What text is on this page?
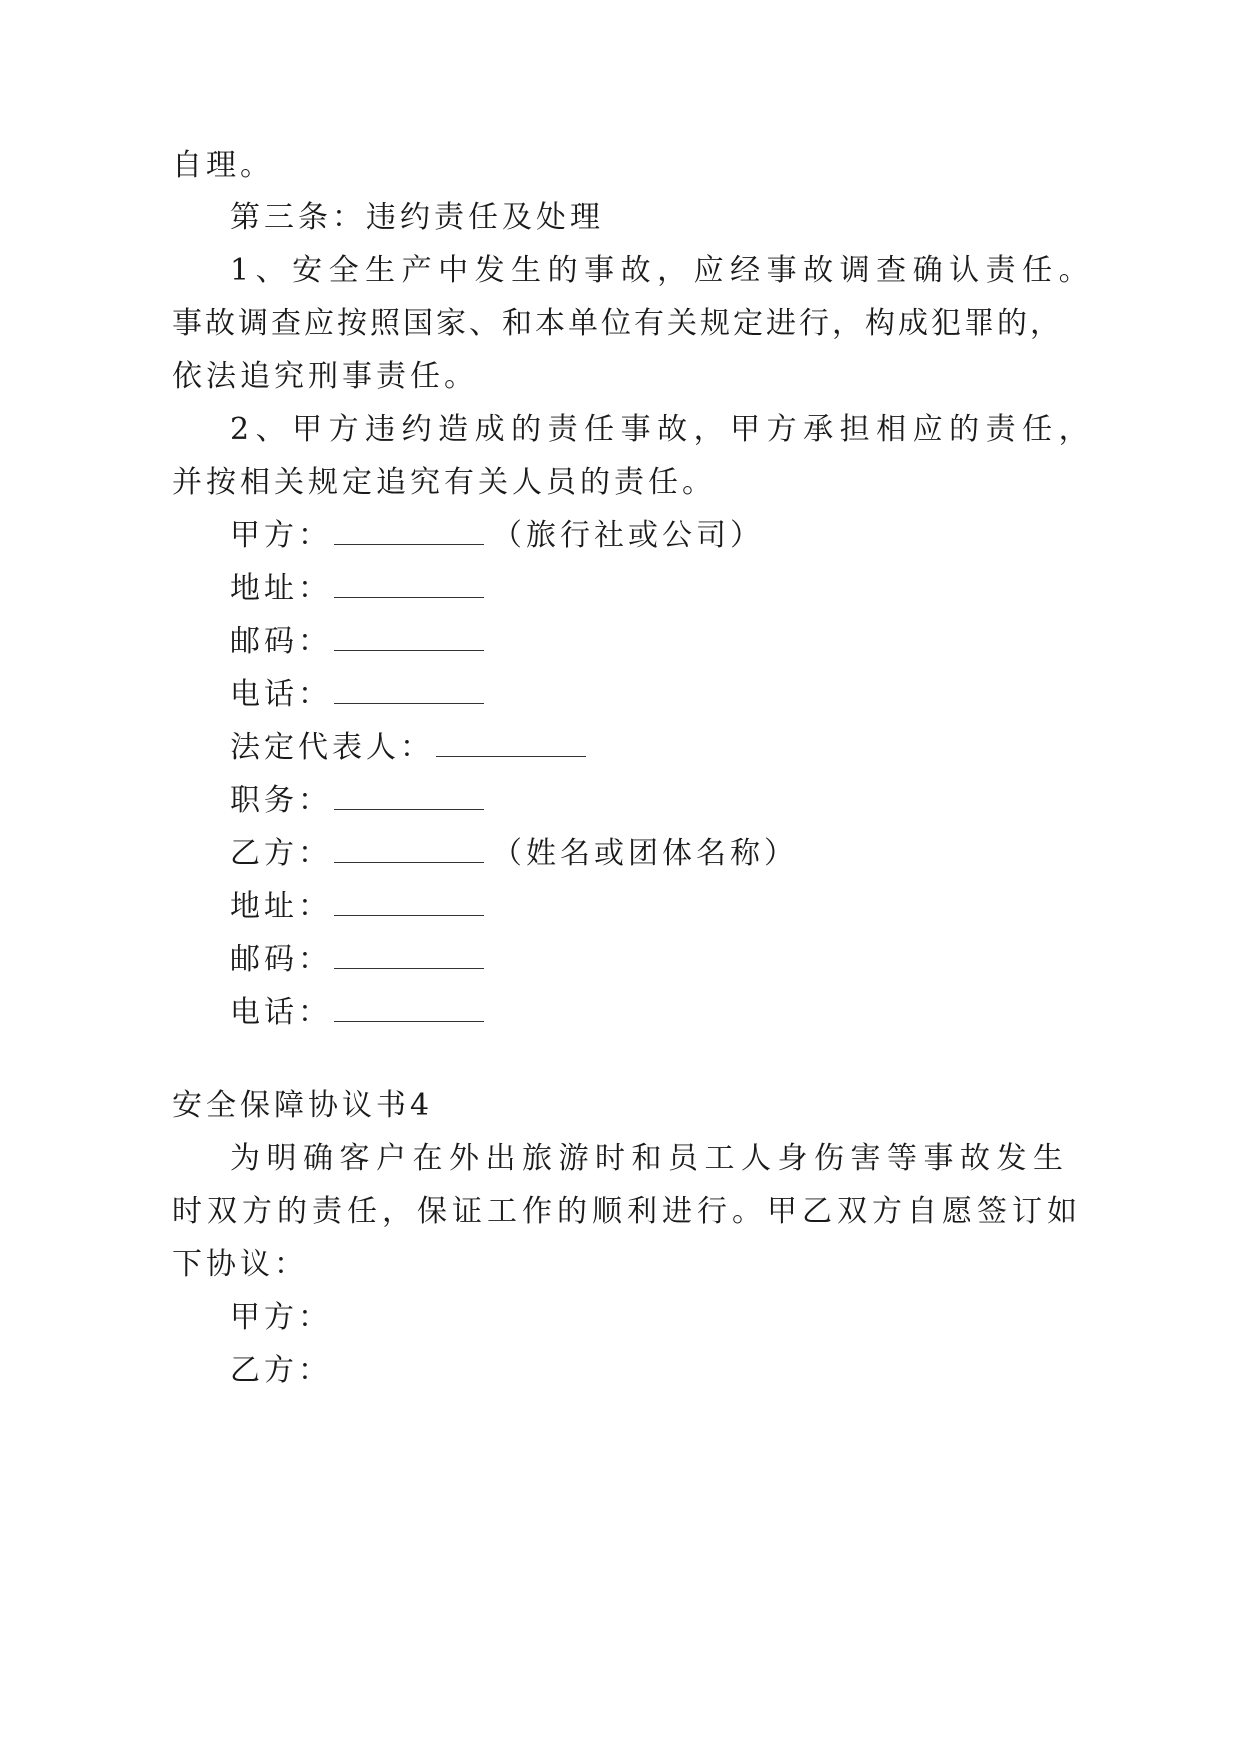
自理。
第三条：违约责任及处理
1、安全生产中发生的事故，应经事故调查确认责任。
事故调查应按照国家、和本单位有关规定进行，构成犯罪的，
依法追究刑事责任。
2、甲方违约造成的责任事故，甲方承担相应的责任，
并按相关规定追究有关人员的责任。
甲方：	（旅行社或公司）
地址：
邮码：
电话：
法定代表人：
职务：
乙方：	（姓名或团体名称）
地址：
邮码：
电话：
安全保障协议书4
为明确客户在外出旅游时和员工人身伤害等事故发生
时双方的责任，保证工作的顺利进行。甲乙双方自愿签订如
下协议：
甲方：
乙方：
